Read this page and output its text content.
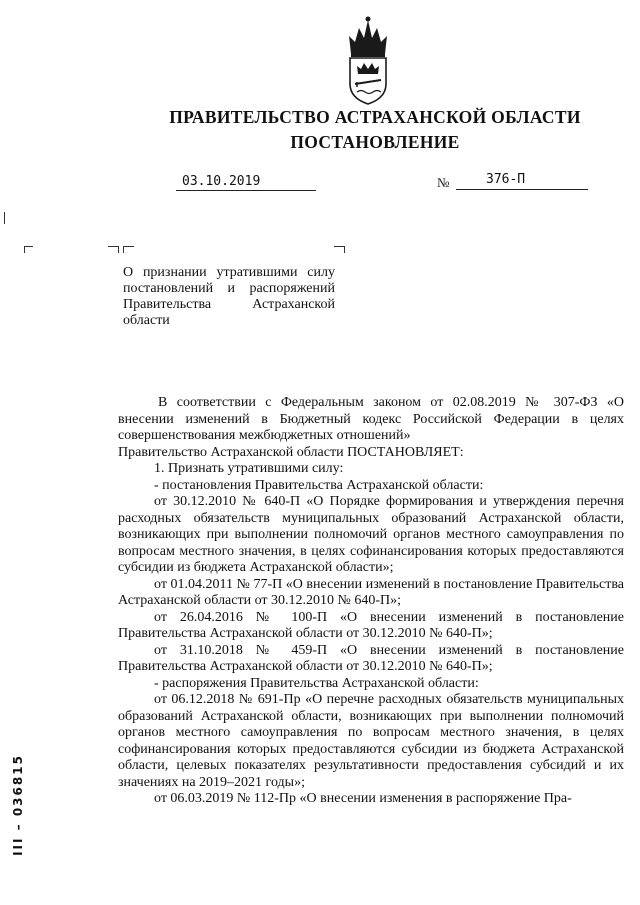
ПРАВИТЕЛЬСТВО АСТРАХАНСКОЙ ОБЛАСТИ
ПОСТАНОВЛЕНИЕ
03.10.2019	№	376-П

О признании утратившими силу постановлений и распоряжений Правительства Астраханской области

В соответствии с Федеральным законом от 02.08.2019 № 307-ФЗ «О внесении изменений в Бюджетный кодекс Российской Федерации в целях совершенствования межбюджетных отношений»

Правительство Астраханской области ПОСТАНОВЛЯЕТ:

1. Признать утратившими силу:

- постановления Правительства Астраханской области:

от 30.12.2010 № 640-П «О Порядке формирования и утверждения перечня расходных обязательств муниципальных образований Астраханской области, возникающих при выполнении полномочий органов местного самоуправления по вопросам местного значения, в целях софинансирования которых предоставляются субсидии из бюджета Астраханской области»;

от 01.04.2011 № 77-П «О внесении изменений в постановление Правительства Астраханской области от 30.12.2010 № 640-П»;

от 26.04.2016 № 100-П «О внесении изменений в постановление Правительства Астраханской области от 30.12.2010 № 640-П»;

от 31.10.2018 № 459-П «О внесении изменений в постановление Правительства Астраханской области от 30.12.2010 № 640-П»;

- распоряжения Правительства Астраханской области:

от 06.12.2018 № 691-Пр «О перечне расходных обязательств муниципальных образований Астраханской области, возникающих при выполнении полномочий органов местного самоуправления по вопросам местного значения, в целях софинансирования которых предоставляются субсидии из бюджета Астраханской области, целевых показателях результативности предоставления субсидий и их значениях на 2019–2021 годы»;

от 06.03.2019 № 112-Пр «О внесении изменения в распоряжение Пра-

III – 036815
